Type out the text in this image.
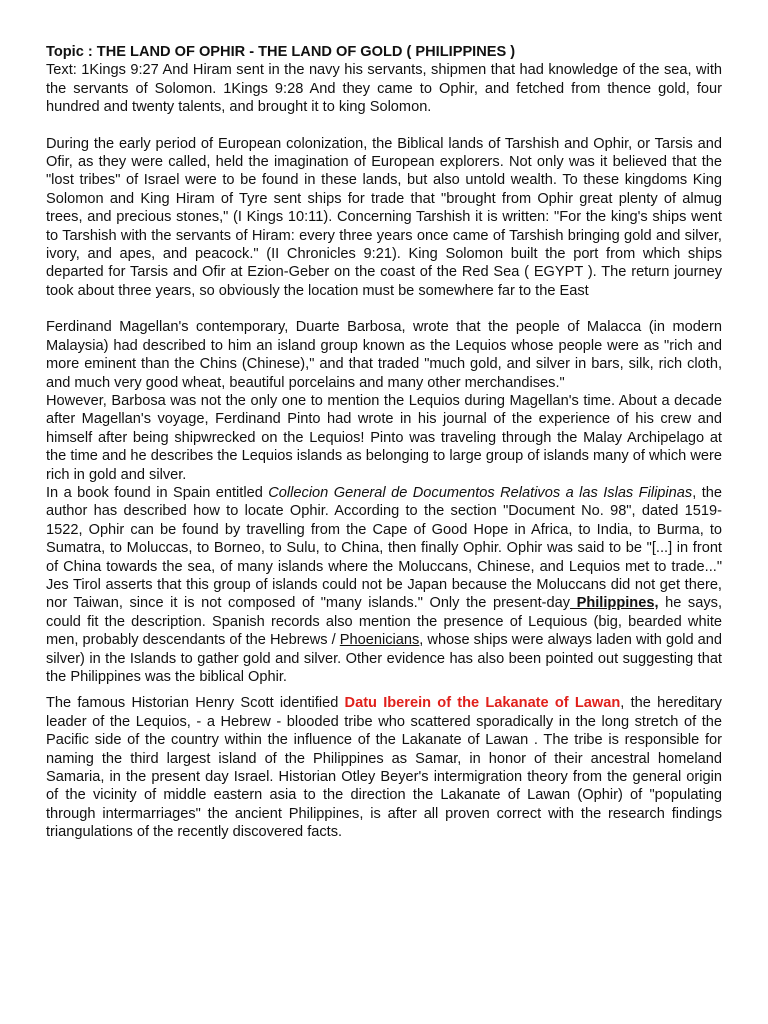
Topic : THE LAND OF OPHIR - THE LAND OF GOLD ( PHILIPPINES )

Text: 1Kings 9:27 And Hiram sent in the navy his servants, shipmen that had knowledge of the sea, with the servants of Solomon. 1Kings 9:28 And they came to Ophir, and fetched from thence gold, four hundred and twenty talents, and brought it to king Solomon.

During the early period of European colonization, the Biblical lands of Tarshish and Ophir, or Tarsis and Ofir, as they were called, held the imagination of European explorers. Not only was it believed that the "lost tribes" of Israel were to be found in these lands, but also untold wealth. To these kingdoms King Solomon and King Hiram of Tyre sent ships for trade that "brought from Ophir great plenty of almug trees, and precious stones," (I Kings 10:11). Concerning Tarshish it is written: "For the king's ships went to Tarshish with the servants of Hiram: every three years once came of Tarshish bringing gold and silver, ivory, and apes, and peacock." (II Chronicles 9:21). King Solomon built the port from which ships departed for Tarsis and Ofir at Ezion-Geber on the coast of the Red Sea ( EGYPT ). The return journey took about three years, so obviously the location must be somewhere far to the East

Ferdinand Magellan's contemporary, Duarte Barbosa, wrote that the people of Malacca (in modern Malaysia) had described to him an island group known as the Lequios whose people were as "rich and more eminent than the Chins (Chinese)," and that traded "much gold, and silver in bars, silk, rich cloth, and much very good wheat, beautiful porcelains and many other merchandises."

However, Barbosa was not the only one to mention the Lequios during Magellan's time. About a decade after Magellan's voyage, Ferdinand Pinto had wrote in his journal of the experience of his crew and himself after being shipwrecked on the Lequios! Pinto was traveling through the Malay Archipelago at the time and he describes the Lequios islands as belonging to large group of islands many of which were rich in gold and silver.

In a book found in Spain entitled Collecion General de Documentos Relativos a las Islas Filipinas, the author has described how to locate Ophir. According to the section "Document No. 98", dated 1519-1522, Ophir can be found by travelling from the Cape of Good Hope in Africa, to India, to Burma, to Sumatra, to Moluccas, to Borneo, to Sulu, to China, then finally Ophir. Ophir was said to be "[...] in front of China towards the sea, of many islands where the Moluccans, Chinese, and Lequios met to trade..." Jes Tirol asserts that this group of islands could not be Japan because the Moluccans did not get there, nor Taiwan, since it is not composed of "many islands." Only the present-day Philippines, he says, could fit the description. Spanish records also mention the presence of Lequious (big, bearded white men, probably descendants of the Hebrews / Phoenicians, whose ships were always laden with gold and silver) in the Islands to gather gold and silver. Other evidence has also been pointed out suggesting that the Philippines was the biblical Ophir.

The famous Historian Henry Scott identified Datu Iberein of the Lakanate of Lawan, the hereditary leader of the Lequios, - a Hebrew - blooded tribe who scattered sporadically in the long stretch of the Pacific side of the country within the influence of the Lakanate of Lawan . The tribe is responsible for naming the third largest island of the Philippines as Samar, in honor of their ancestral homeland Samaria, in the present day Israel. Historian Otley Beyer's intermigration theory from the general origin of the vicinity of middle eastern asia to the direction the Lakanate of Lawan (Ophir) of "populating through intermarriages" the ancient Philippines, is after all proven correct with the research findings triangulations of the recently discovered facts.
